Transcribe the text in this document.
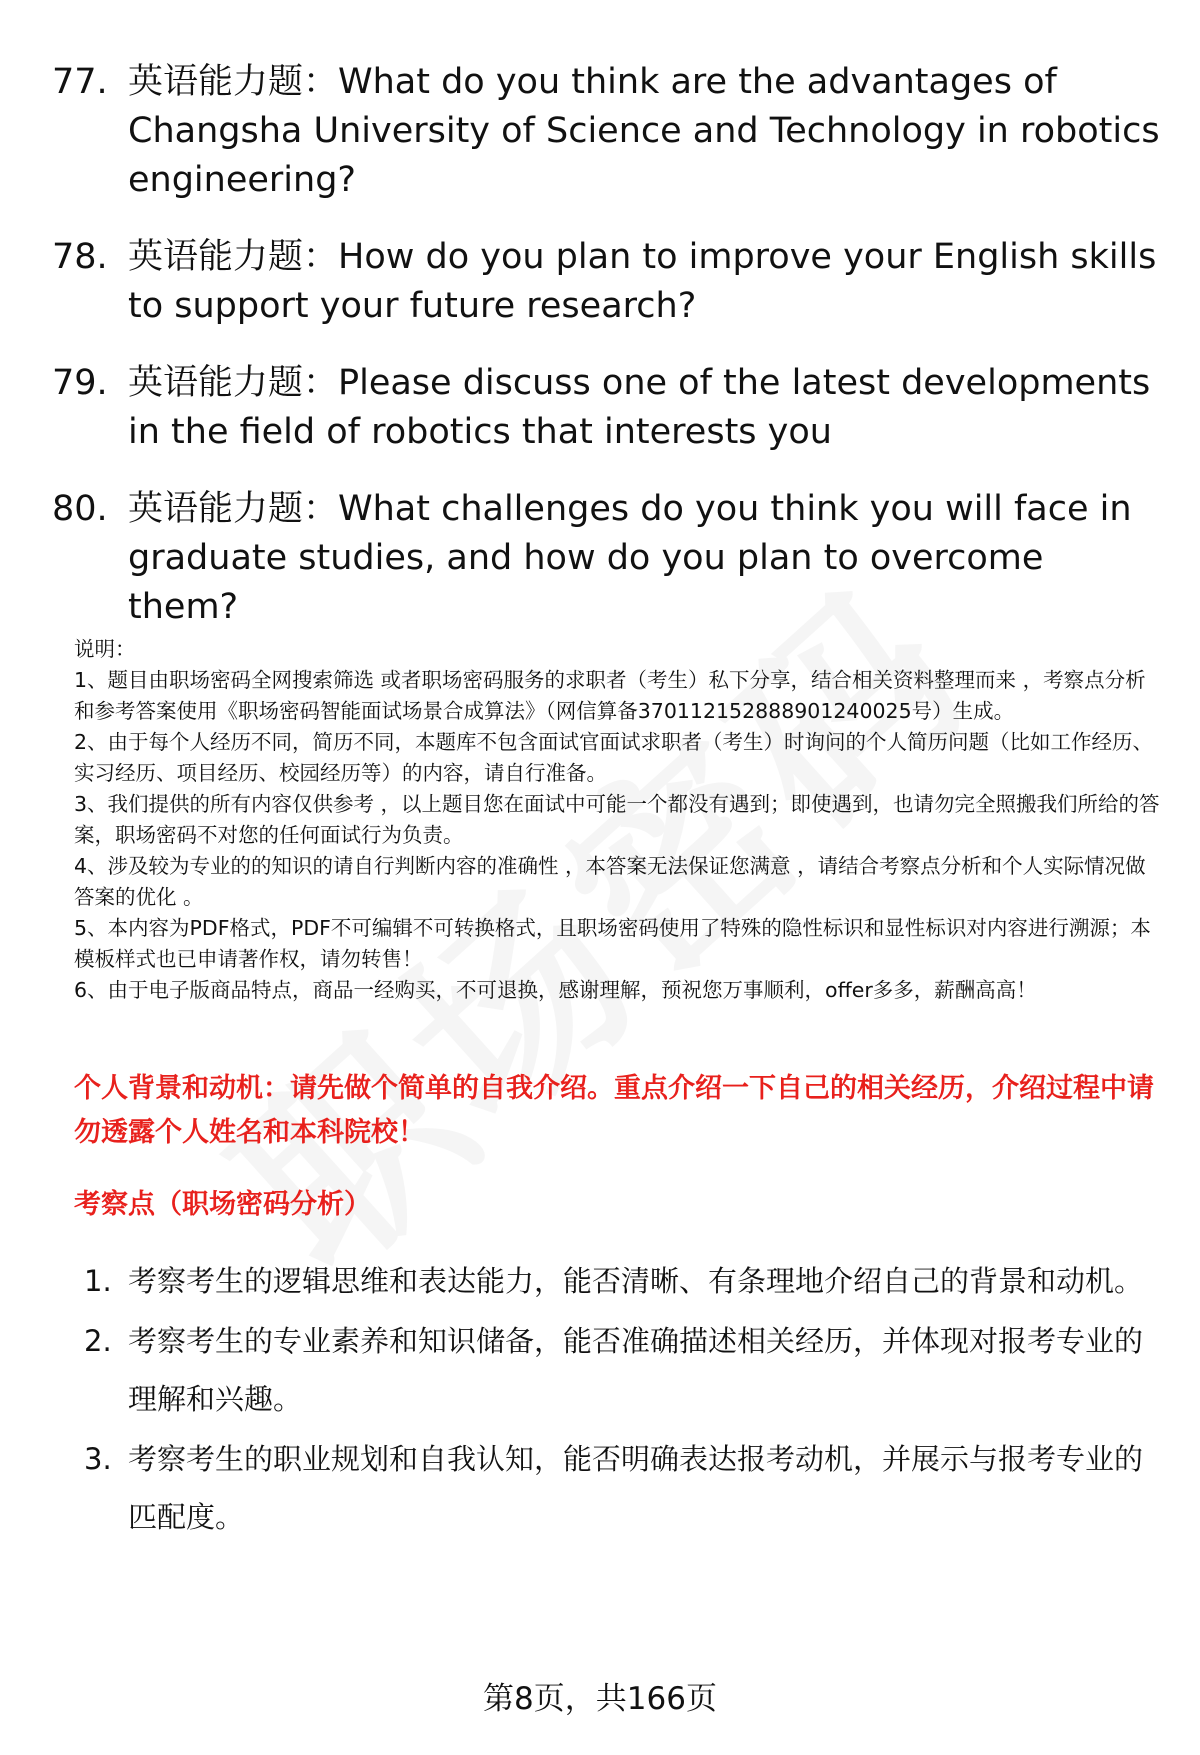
77. 英语能力题：What do you think are the advantages of Changsha University of Science and Technology in robotics engineering?
78. 英语能力题：How do you plan to improve your English skills to support your future research?
79. 英语能力题：Please discuss one of the latest developments in the field of robotics that interests you
80. 英语能力题：What challenges do you think you will face in graduate studies, and how do you plan to overcome them?

说明：

1、题目由职场密码全网搜索筛选 或者职场密码服务的求职者（考生）私下分享，结合相关资料整理而来 ，考察点分析和参考答案使用《职场密码智能面试场景合成算法》（网信算备370112152888901240025号）生成。

2、由于每个人经历不同，简历不同，本题库不包含面试官面试求职者（考生）时询问的个人简历问题（比如工作经历、实习经历、项目经历、校园经历等）的内容，请自行准备。

3、我们提供的所有内容仅供参考 ，以上题目您在面试中可能一个都没有遇到；即使遇到，也请勿完全照搬我们所给的答案，职场密码不对您的任何面试行为负责。

4、涉及较为专业的的知识的请自行判断内容的准确性 ，本答案无法保证您满意 ，请结合考察点分析和个人实际情况做答案的优化 。

5、本内容为PDF格式，PDF不可编辑不可转换格式，且职场密码使用了特殊的隐性标识和显性标识对内容进行溯源；本模板样式也已申请著作权，请勿转售！

6、由于电子版商品特点，商品一经购买，不可退换，感谢理解，预祝您万事顺利，offer多多，薪酬高高！

个人背景和动机：请先做个简单的自我介绍。重点介绍一下自己的相关经历，介绍过程中请勿透露个人姓名和本科院校！

考察点（职场密码分析）

1. 考察考生的逻辑思维和表达能力，能否清晰、有条理地介绍自己的背景和动机。
2. 考察考生的专业素养和知识储备，能否准确描述相关经历，并体现对报考专业的理解和兴趣。
3. 考察考生的职业规划和自我认知，能否明确表达报考动机，并展示与报考专业的匹配度。
第8页，共166页
